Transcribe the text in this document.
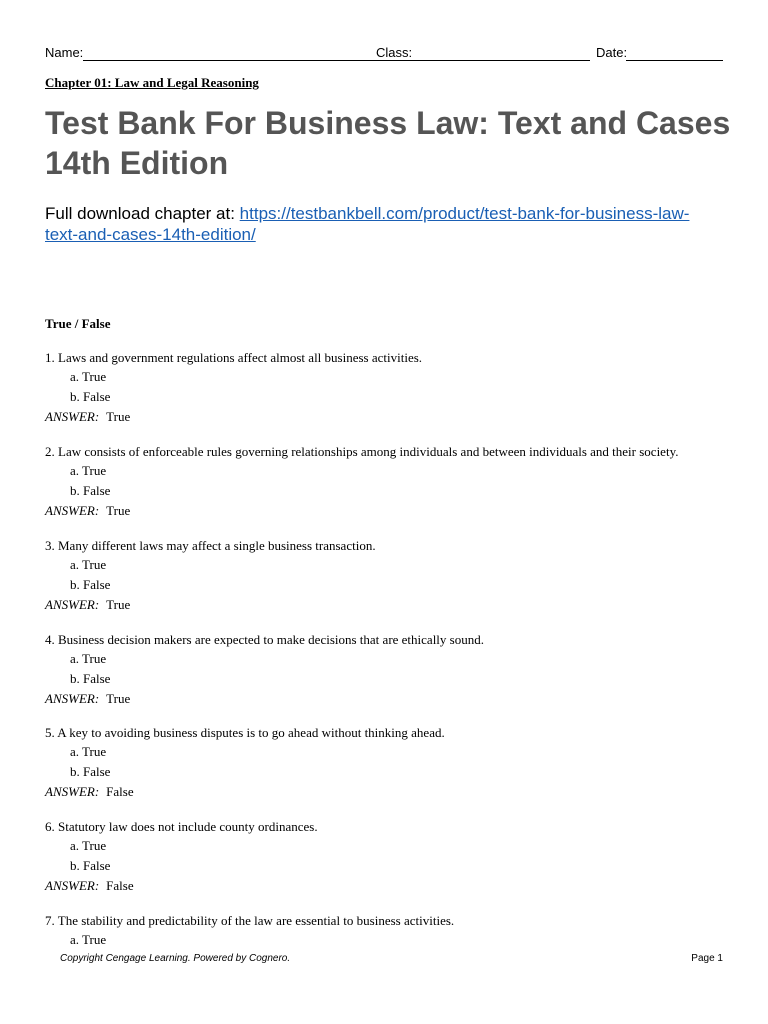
Name:	Class:	Date:
Chapter 01: Law and Legal Reasoning
Test Bank For Business Law: Text and Cases 14th Edition
Full download chapter at: https://testbankbell.com/product/test-bank-for-business-law-
text-and-cases-14th-edition/
True / False
1. Laws and government regulations affect almost all business activities.
a. True
b. False
ANSWER: True
2. Law consists of enforceable rules governing relationships among individuals and between individuals and their society.
a. True
b. False
ANSWER: True
3. Many different laws may affect a single business transaction.
a. True
b. False
ANSWER: True
4. Business decision makers are expected to make decisions that are ethically sound.
a. True
b. False
ANSWER: True
5. A key to avoiding business disputes is to go ahead without thinking ahead.
a. True
b. False
ANSWER: False
6. Statutory law does not include county ordinances.
a. True
b. False
ANSWER: False
7. The stability and predictability of the law are essential to business activities.
a. True
Copyright Cengage Learning. Powered by Cognero.	Page 1
